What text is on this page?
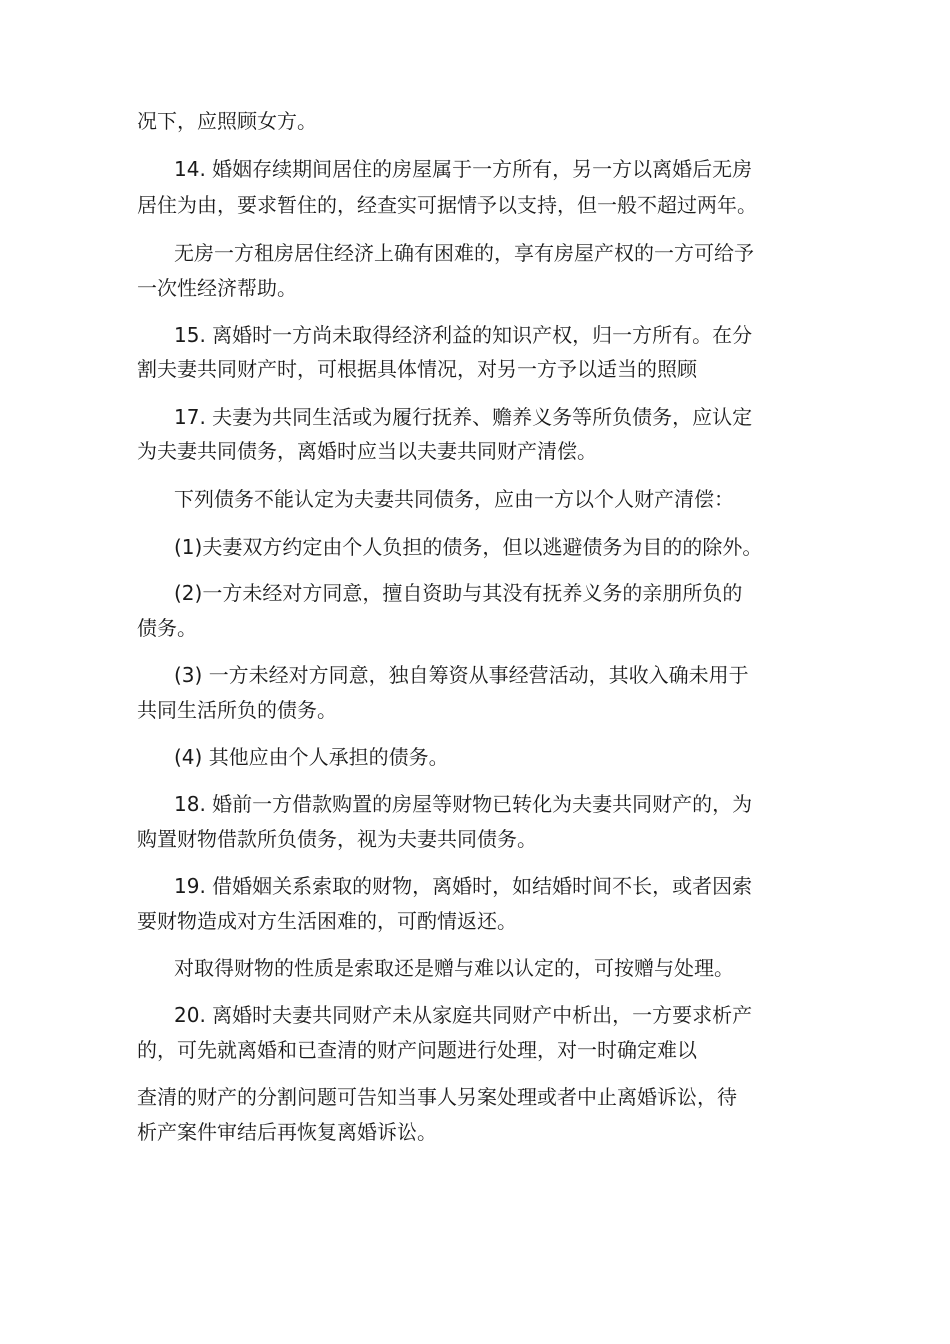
况下，应照顾女方。

14. 婚姻存续期间居住的房屋属于一方所有，另一方以离婚后无房

居住为由，要求暂住的，经查实可据情予以支持，但一般不超过两年。

无房一方租房居住经济上确有困难的，享有房屋产权的一方可给予

一次性经济帮助。

15. 离婚时一方尚未取得经济利益的知识产权，归一方所有。在分

割夫妻共同财产时，可根据具体情况，对另一方予以适当的照顾

17. 夫妻为共同生活或为履行抚养、赡养义务等所负债务，应认定

为夫妻共同债务，离婚时应当以夫妻共同财产清偿。

下列债务不能认定为夫妻共同债务，应由一方以个人财产清偿：

(1)夫妻双方约定由个人负担的债务，但以逃避债务为目的的除外。

(2)一方未经对方同意，擅自资助与其没有抚养义务的亲朋所负的

债务。

(3) 一方未经对方同意，独自筹资从事经营活动，其收入确未用于

共同生活所负的债务。

(4) 其他应由个人承担的债务。

18. 婚前一方借款购置的房屋等财物已转化为夫妻共同财产的，为

购置财物借款所负债务，视为夫妻共同债务。

19. 借婚姻关系索取的财物，离婚时，如结婚时间不长，或者因索

要财物造成对方生活困难的，可酌情返还。

对取得财物的性质是索取还是赠与难以认定的，可按赠与处理。

20. 离婚时夫妻共同财产未从家庭共同财产中析出，一方要求析产

的，可先就离婚和已查清的财产问题进行处理，对一时确定难以

查清的财产的分割问题可告知当事人另案处理或者中止离婚诉讼，待

析产案件审结后再恢复离婚诉讼。
